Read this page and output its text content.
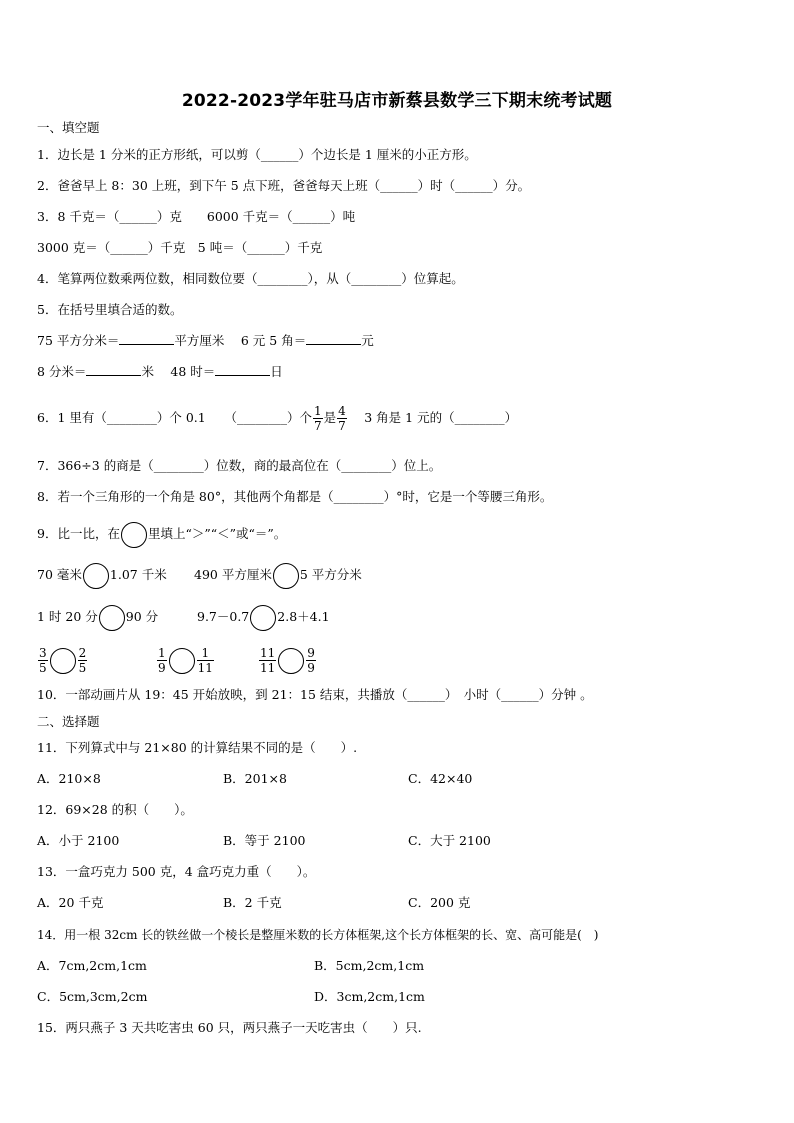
2022-2023学年驻马店市新蔡县数学三下期末统考试题
一、填空题
1．边长是 1 分米的正方形纸，可以剪（______）个边长是 1 厘米的小正方形。
2．爸爸早上 8：30 上班，到下午 5 点下班，爸爸每天上班（______）时（______）分。
3．8 千克＝（______）克　　6000 千克＝（______）吨
3000 克＝（______）千克　5 吨＝（______）千克
4．笔算两位数乘两位数，相同数位要（________），从（________）位算起。
5．在括号里填合适的数。
75 平方分米＝	平方厘米　 6 元 5 角＝	元
8 分米＝	米　 48 时＝	日
6．1 里有（________）个 0.1　　（________）个 $\frac{1}{7}$ 是 $\frac{4}{7}$ 　 3 角是 1 元的（________）
7．366÷3 的商是（________）位数，商的最高位在（________）位上。
8．若一个三角形的一个角是 80°，其他两个角都是（________）°时，它是一个等腰三角形。
9．比一比，在 里填上“＞”“＜”或“＝”。
70 毫米 1.07 千米 490 平方厘米 5 平方分米
1 时 20 分 90 分	9.7－0.7 2.8＋4.1
$\frac{3}{5}$	$\frac{2}{5}$	$\frac{1}{9}$	$\frac{1}{11}$	$\frac{11}{11}$	$\frac{9}{9}$
10．一部动画片从 19：45 开始放映，到 21：15 结束，共播放（______）　小时（______）分钟 。
二、选择题
11．下列算式中与 21×80 的计算结果不同的是（　　）.
A．210×8	B．201×8	C．42×40
12．69×28 的积（　　）。
A．小于 2100	B．等于 2100	C．大于 2100
13．一盒巧克力 500 克，4 盒巧克力重（　　）。
A．20 千克	B．2 千克	C．200 克
14．用一根 32cm 长的铁丝做一个棱长是整厘米数的长方体框架,这个长方体框架的长、宽、高可能是(　)
A．7cm,2cm,1cm	B．5cm,2cm,1cm
C．5cm,3cm,2cm	D．3cm,2cm,1cm
15．两只燕子 3 天共吃害虫 60 只，两只燕子一天吃害虫（　　）只.
